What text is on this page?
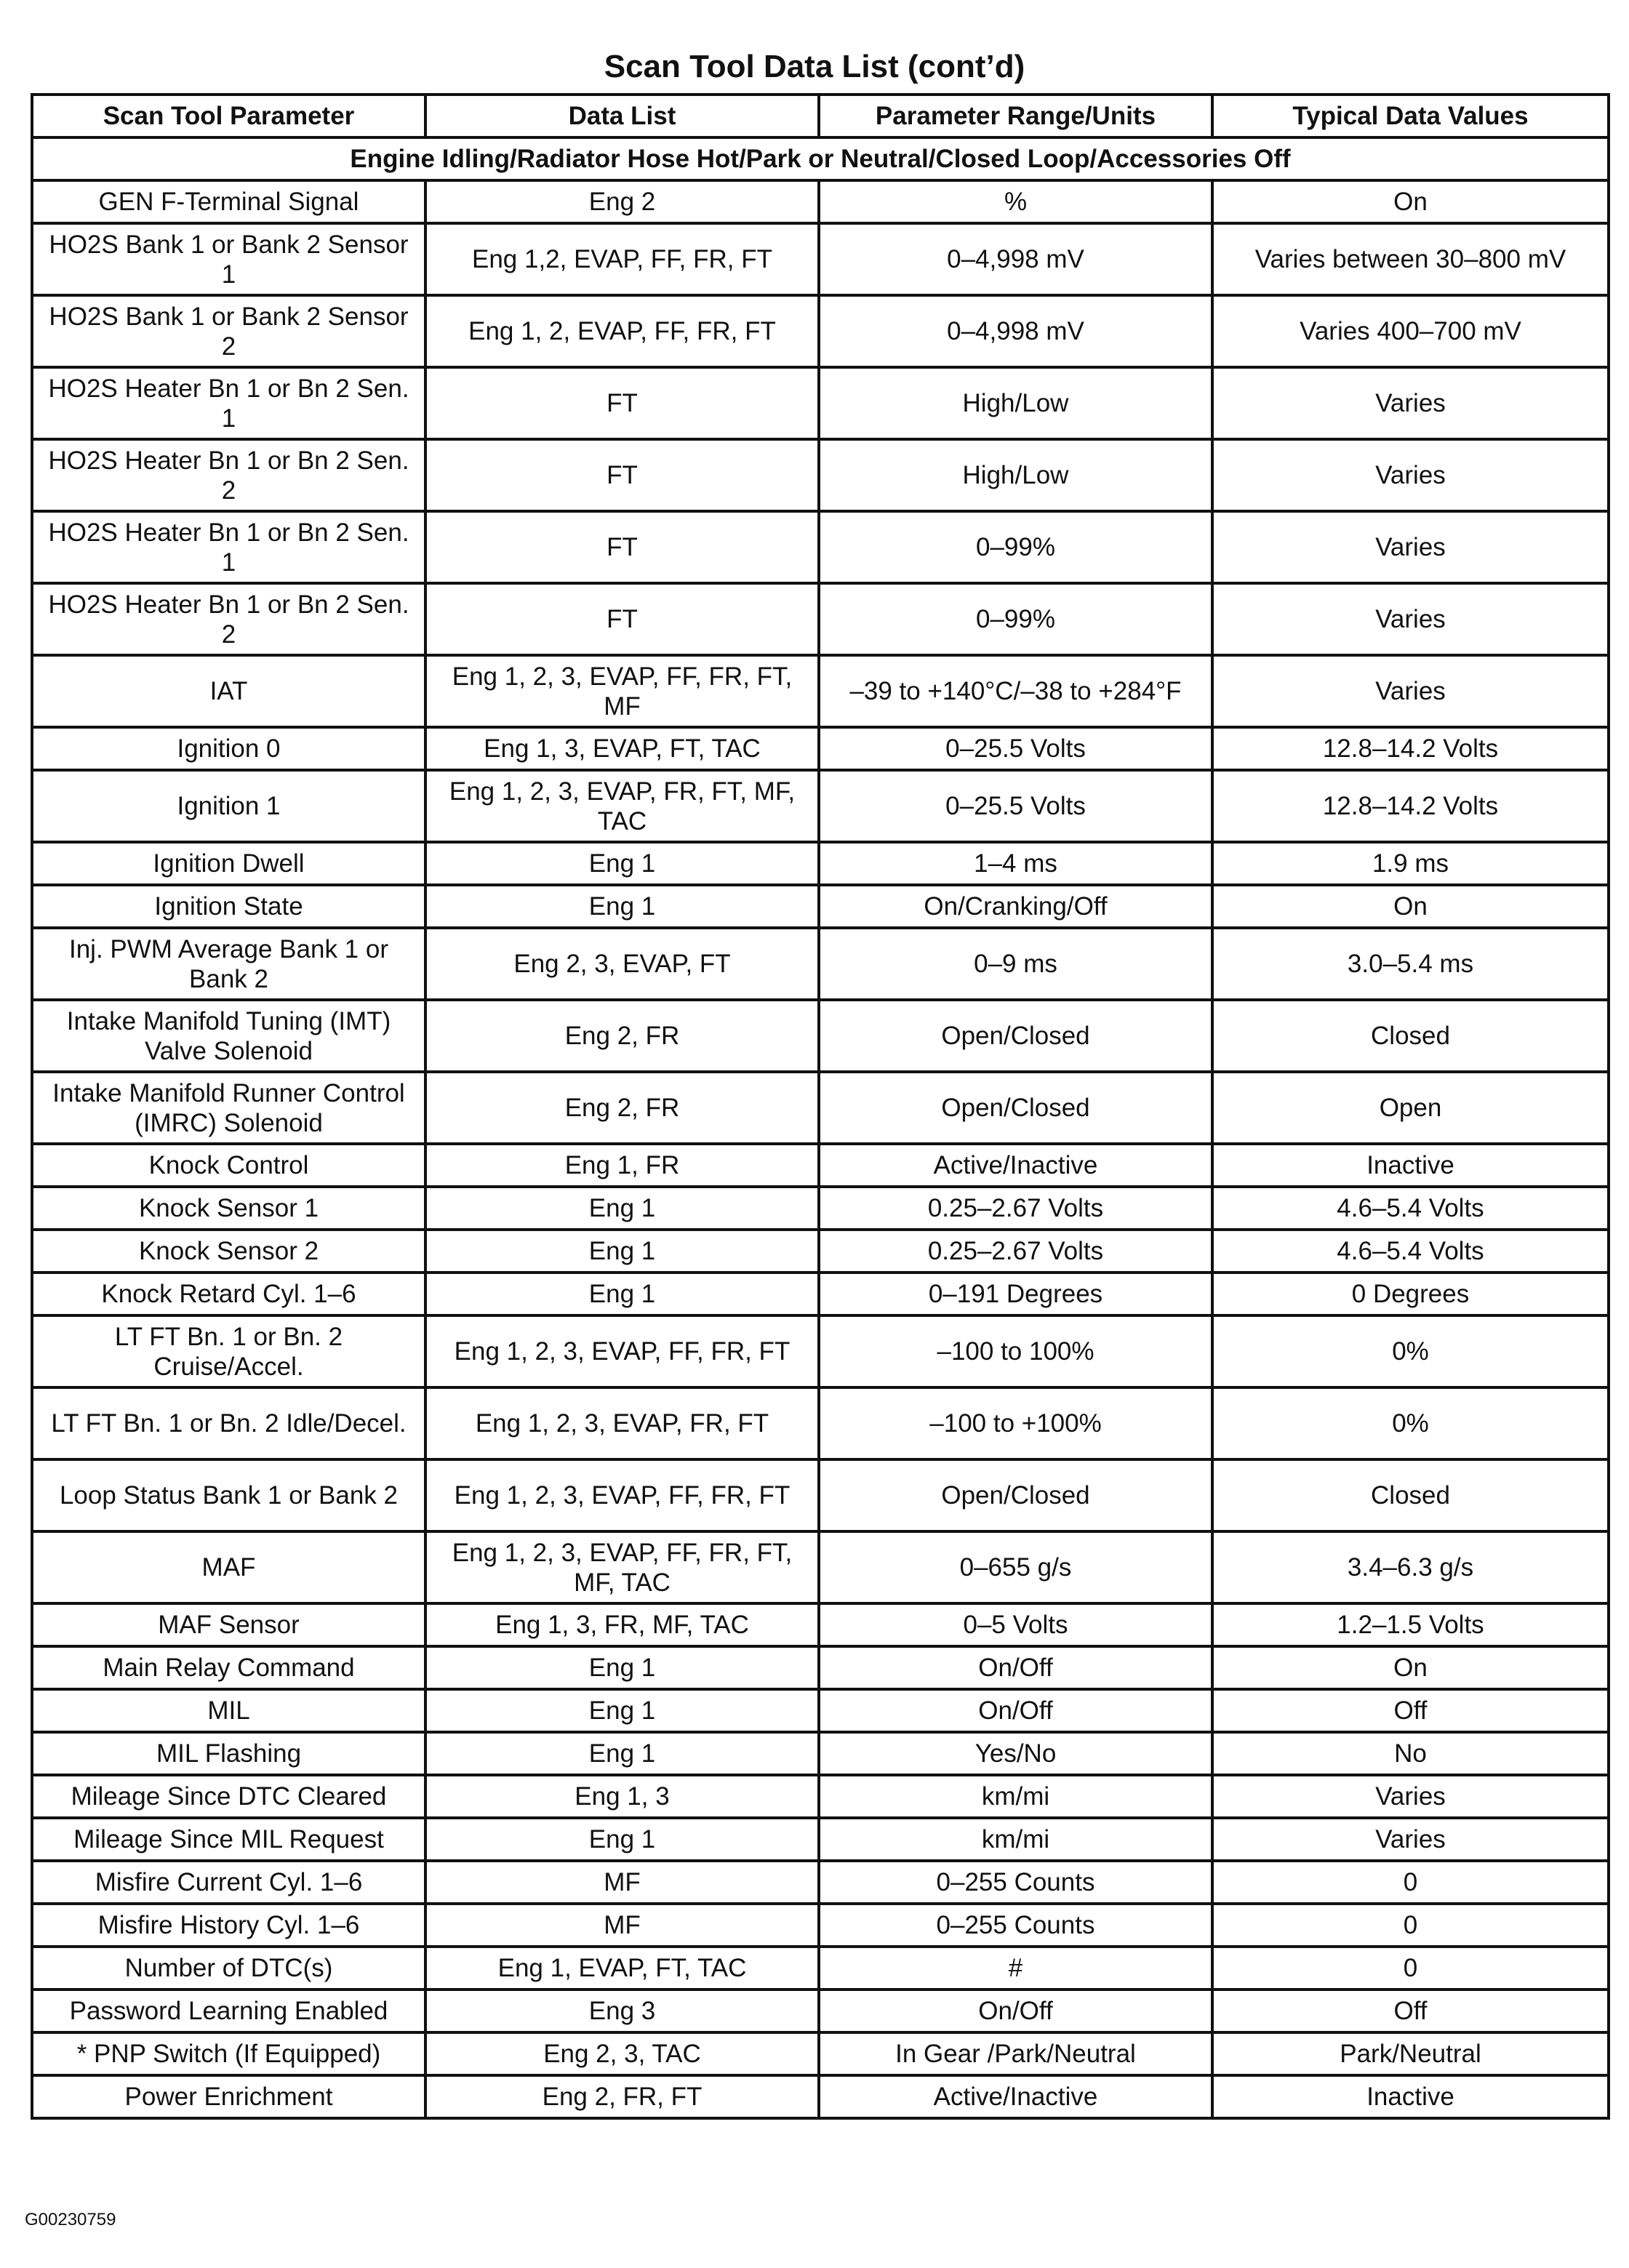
Scan Tool Data List (cont’d)
Scan Tool Parameter	Data List	Parameter Range/Units	Typical Data Values
Engine Idling/Radiator Hose Hot/Park or Neutral/Closed Loop/Accessories Off			
GEN F-Terminal Signal	Eng 2	%	On
HO2S Bank 1 or Bank 2 Sensor 1	Eng 1,2, EVAP, FF, FR, FT	0–4,998 mV	Varies between 30–800 mV
HO2S Bank 1 or Bank 2 Sensor 2	Eng 1, 2, EVAP, FF, FR, FT	0–4,998 mV	Varies 400–700 mV
HO2S Heater Bn 1 or Bn 2 Sen. 1	FT	High/Low	Varies
HO2S Heater Bn 1 or Bn 2 Sen. 2	FT	High/Low	Varies
HO2S Heater Bn 1 or Bn 2 Sen. 1	FT	0–99%	Varies
HO2S Heater Bn 1 or Bn 2 Sen. 2	FT	0–99%	Varies
IAT	Eng 1, 2, 3, EVAP, FF, FR, FT, MF	–39 to +140°C/–38 to +284°F	Varies
Ignition 0	Eng 1, 3, EVAP, FT, TAC	0–25.5 Volts	12.8–14.2 Volts
Ignition 1	Eng 1, 2, 3, EVAP, FR, FT, MF, TAC	0–25.5 Volts	12.8–14.2 Volts
Ignition Dwell	Eng 1	1–4 ms	1.9 ms
Ignition State	Eng 1	On/Cranking/Off	On
Inj. PWM Average Bank 1 or Bank 2	Eng 2, 3, EVAP, FT	0–9 ms	3.0–5.4 ms
Intake Manifold Tuning (IMT) Valve Solenoid	Eng 2, FR	Open/Closed	Closed
Intake Manifold Runner Control (IMRC) Solenoid	Eng 2, FR	Open/Closed	Open
Knock Control	Eng 1, FR	Active/Inactive	Inactive
Knock Sensor 1	Eng 1	0.25–2.67 Volts	4.6–5.4 Volts
Knock Sensor 2	Eng 1	0.25–2.67 Volts	4.6–5.4 Volts
Knock Retard Cyl. 1–6	Eng 1	0–191 Degrees	0 Degrees
LT FT Bn. 1 or Bn. 2 Cruise/Accel.	Eng 1, 2, 3, EVAP, FF, FR, FT	–100 to 100%	0%
LT FT Bn. 1 or Bn. 2 Idle/Decel.	Eng 1, 2, 3, EVAP, FR, FT	–100 to +100%	0%
Loop Status Bank 1 or Bank 2	Eng 1, 2, 3, EVAP, FF, FR, FT	Open/Closed	Closed
MAF	Eng 1, 2, 3, EVAP, FF, FR, FT, MF, TAC	0–655 g/s	3.4–6.3 g/s
MAF Sensor	Eng 1, 3, FR, MF, TAC	0–5 Volts	1.2–1.5 Volts
Main Relay Command	Eng 1	On/Off	On
MIL	Eng 1	On/Off	Off
MIL Flashing	Eng 1	Yes/No	No
Mileage Since DTC Cleared	Eng 1, 3	km/mi	Varies
Mileage Since MIL Request	Eng 1	km/mi	Varies
Misfire Current Cyl. 1–6	MF	0–255 Counts	0
Misfire History Cyl. 1–6	MF	0–255 Counts	0
Number of DTC(s)	Eng 1, EVAP, FT, TAC	#	0
Password Learning Enabled	Eng 3	On/Off	Off
* PNP Switch (If Equipped)	Eng 2, 3, TAC	In Gear /Park/Neutral	Park/Neutral
Power Enrichment	Eng 2, FR, FT	Active/Inactive	Inactive
G00230759
